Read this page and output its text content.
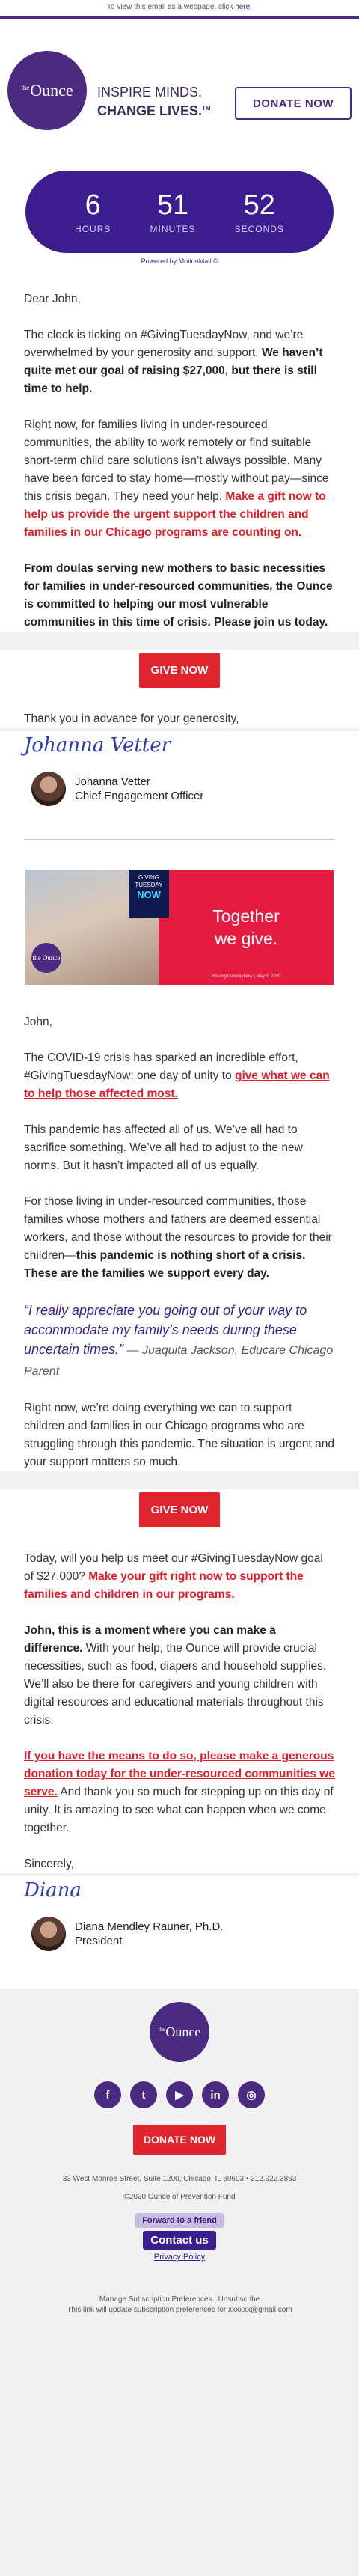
To view this email as a webpage, click here.
$^{the}$Ounce INSPIRE MINDS.
CHANGE LIVES.™	DONATE NOW
6
HOURS
51
MINUTES
52
SECONDS
Powered by MotionMail ©

Dear John,

The clock is ticking on #GivingTuesdayNow, and we’re overwhelmed by your generosity and support. We haven’t quite met our goal of raising $27,000, but there is still time to help.

Right now, for families living in under-resourced communities, the ability to work remotely or find suitable short-term child care solutions isn’t always possible. Many have been forced to stay home—mostly without pay—since this crisis began. They need your help. Make a gift now to help us provide the urgent support the children and families in our Chicago programs are counting on.

From doulas serving new mothers to basic necessities for families in under-resourced communities, the Ounce is committed to helping our most vulnerable communities in this time of crisis. Please join us today.

GIVE NOW

Thank you in advance for your generosity,

Johanna Vetter
Johanna Vetter
Chief Engagement Officer
GIVING
TUESDAY
NOW
the Ounce
Together
we give.
#GivingTuesdayNow | May 5, 2020

John,

The COVID-19 crisis has sparked an incredible effort, #GivingTuesdayNow: one day of unity to give what we can to help those affected most.

This pandemic has affected all of us. We’ve all had to sacrifice something. We’ve all had to adjust to the new norms. But it hasn’t impacted all of us equally.

For those living in under-resourced communities, those families whose mothers and fathers are deemed essential workers, and those without the resources to provide for their children—this pandemic is nothing short of a crisis. These are the families we support every day.

“I really appreciate you going out of your way to accommodate my family’s needs during these uncertain times.” — Juaquita Jackson, Educare Chicago Parent

Right now, we’re doing everything we can to support children and families in our Chicago programs who are struggling through this pandemic. The situation is urgent and your support matters so much.

GIVE NOW

Today, will you help us meet our #GivingTuesdayNow goal of $27,000? Make your gift right now to support the families and children in our programs.

John, this is a moment where you can make a difference. With your help, the Ounce will provide crucial necessities, such as food, diapers and household supplies. We’ll also be there for caregivers and young children with digital resources and educational materials throughout this crisis.

If you have the means to do so, please make a generous donation today for the under-resourced communities we serve. And thank you so much for stepping up on this day of unity. It is amazing to see what can happen when we come together.

Sincerely,

Diana
Diana Mendley Rauner, Ph.D.
President
$^{the}$Ounce
f	t	▶	in	◎
DONATE NOW
33 West Monroe Street, Suite 1200, Chicago, IL 60603 • 312.922.3863
©2020 Ounce of Prevention Fund
Forward to a friend
Contact us
Privacy Policy
Manage Subscription Preferences | Unsubscribe
This link will update subscription preferences for xxxxxx@gmail.com
